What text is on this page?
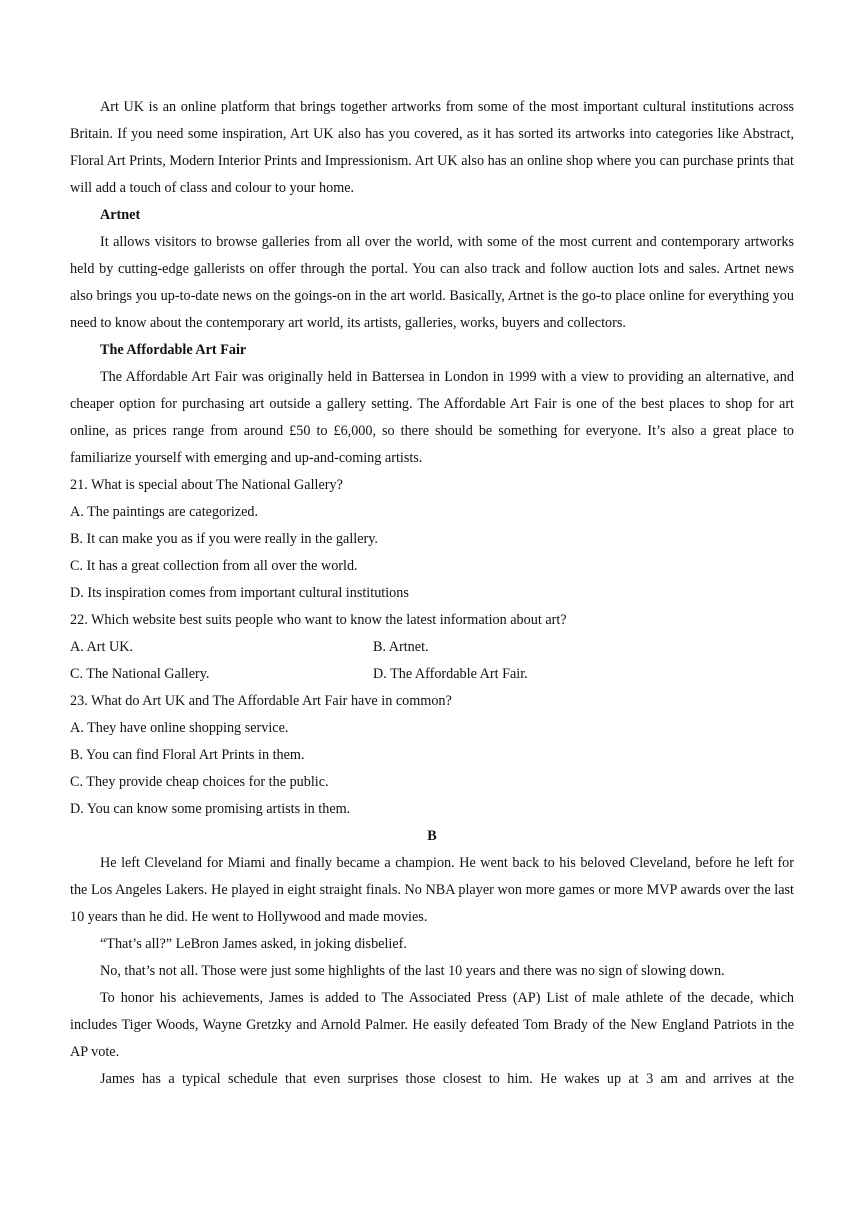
Art UK is an online platform that brings together artworks from some of the most important cultural institutions across Britain. If you need some inspiration, Art UK also has you covered, as it has sorted its artworks into categories like Abstract, Floral Art Prints, Modern Interior Prints and Impressionism. Art UK also has an online shop where you can purchase prints that will add a touch of class and colour to your home.

Artnet

It allows visitors to browse galleries from all over the world, with some of the most current and contemporary artworks held by cutting-edge gallerists on offer through the portal. You can also track and follow auction lots and sales. Artnet news also brings you up-to-date news on the goings-on in the art world. Basically, Artnet is the go-to place online for everything you need to know about the contemporary art world, its artists, galleries, works, buyers and collectors.

The Affordable Art Fair

The Affordable Art Fair was originally held in Battersea in London in 1999 with a view to providing an alternative, and cheaper option for purchasing art outside a gallery setting. The Affordable Art Fair is one of the best places to shop for art online, as prices range from around £50 to £6,000, so there should be something for everyone. It’s also a great place to familiarize yourself with emerging and up-and-coming artists.

21. What is special about The National Gallery?

A. The paintings are categorized.

B. It can make you as if you were really in the gallery.

C. It has a great collection from all over the world.

D. Its inspiration comes from important cultural institutions

22. Which website best suits people who want to know the latest information about art?

A. Art UK.	B. Artnet.
C. The National Gallery.	D. The Affordable Art Fair.

23. What do Art UK and The Affordable Art Fair have in common?

A. They have online shopping service.

B. You can find Floral Art Prints in them.

C. They provide cheap choices for the public.

D. You can know some promising artists in them.

B

He left Cleveland for Miami and finally became a champion. He went back to his beloved Cleveland, before he left for the Los Angeles Lakers. He played in eight straight finals. No NBA player won more games or more MVP awards over the last 10 years than he did. He went to Hollywood and made movies.

“That’s all?” LeBron James asked, in joking disbelief.

No, that’s not all. Those were just some highlights of the last 10 years and there was no sign of slowing down.

To honor his achievements, James is added to The Associated Press (AP) List of male athlete of the decade, which includes Tiger Woods, Wayne Gretzky and Arnold Palmer. He easily defeated Tom Brady of the New England Patriots in the AP vote.

James has a typical schedule that even surprises those closest to him. He wakes up at 3 am and arrives at the
